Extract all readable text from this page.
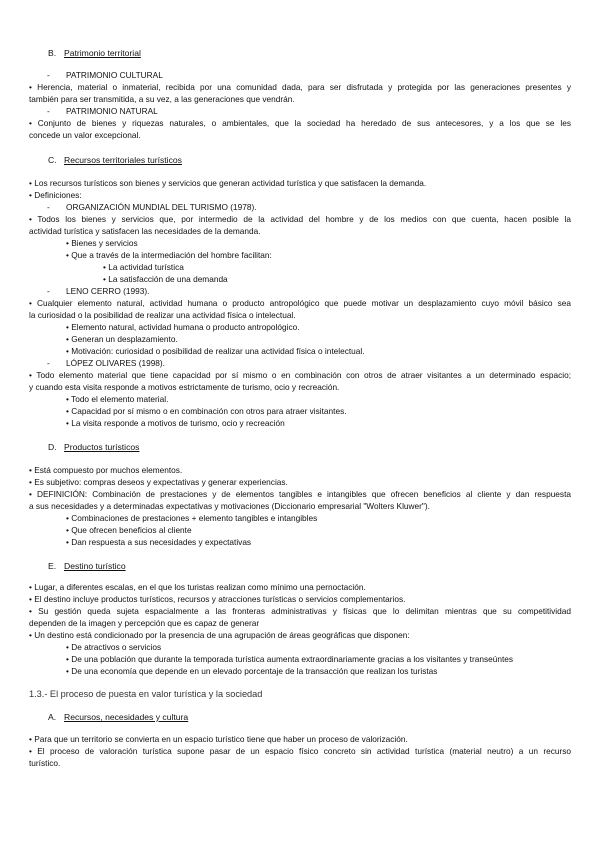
B. Patrimonio territorial
- PATRIMONIO CULTURAL
• Herencia, material o inmaterial, recibida por una comunidad dada, para ser disfrutada y protegida por las generaciones presentes y
también para ser transmitida, a su vez, a las generaciones que vendrán.
- PATRIMONIO NATURAL
• Conjunto de bienes y riquezas naturales, o ambientales, que la sociedad ha heredado de sus antecesores, y a los que se les
concede un valor excepcional.
C. Recursos territoriales turísticos
• Los recursos turísticos son bienes y servicios que generan actividad turística y que satisfacen la demanda.
• Definiciones:
- ORGANIZACIÓN MUNDIAL DEL TURISMO (1978).
• Todos los bienes y servicios que, por intermedio de la actividad del hombre y de los medios con que cuenta, hacen posible la
actividad turística y satisfacen las necesidades de la demanda.
• Bienes y servicios
• Que a través de la intermediación del hombre facilitan:
• La actividad turística
• La satisfacción de una demanda
- LENO CERRO (1993).
• Cualquier elemento natural, actividad humana o producto antropológico que puede motivar un desplazamiento cuyo móvil básico sea
la curiosidad o la posibilidad de realizar una actividad física o intelectual.
• Elemento natural, actividad humana o producto antropológico.
• Generan un desplazamiento.
• Motivación: curiosidad o posibilidad de realizar una actividad física o intelectual.
- LÓPEZ OLIVARES (1998).
• Todo elemento material que tiene capacidad por sí mismo o en combinación con otros de atraer visitantes a un determinado espacio;
y cuando esta visita responde a motivos estrictamente de turismo, ocio y recreación.
• Todo el elemento material.
• Capacidad por sí mismo o en combinación con otros para atraer visitantes.
• La visita responde a motivos de turismo, ocio y recreación
D. Productos turísticos
• Está compuesto por muchos elementos.
• Es subjetivo: compras deseos y expectativas y generar experiencias.
• DEFINICIÓN: Combinación de prestaciones y de elementos tangibles e intangibles que ofrecen beneficios al cliente y dan respuesta
a sus necesidades y a determinadas expectativas y motivaciones (Diccionario empresarial "Wolters Kluwer").
• Combinaciones de prestaciones + elemento tangibles e intangibles
• Que ofrecen beneficios al cliente
• Dan respuesta a sus necesidades y expectativas
E. Destino turístico
• Lugar, a diferentes escalas, en el que los turistas realizan como mínimo una pernoctación.
• El destino incluye productos turísticos, recursos y atracciones turísticas o servicios complementarios.
• Su gestión queda sujeta espacialmente a las fronteras administrativas y físicas que lo delimitan mientras que su competitividad
dependen de la imagen y percepción que es capaz de generar
• Un destino está condicionado por la presencia de una agrupación de áreas geográficas que disponen:
• De atractivos o servicios
• De una población que durante la temporada turística aumenta extraordinariamente gracias a los visitantes y transeúntes
• De una economía que depende en un elevado porcentaje de la transacción que realizan los turistas
1.3.- El proceso de puesta en valor turística y la sociedad
A. Recursos, necesidades y cultura
• Para que un territorio se convierta en un espacio turístico tiene que haber un proceso de valorización.
• El proceso de valoración turística supone pasar de un espacio físico concreto sin actividad turística (material neutro) a un recurso
turístico.
